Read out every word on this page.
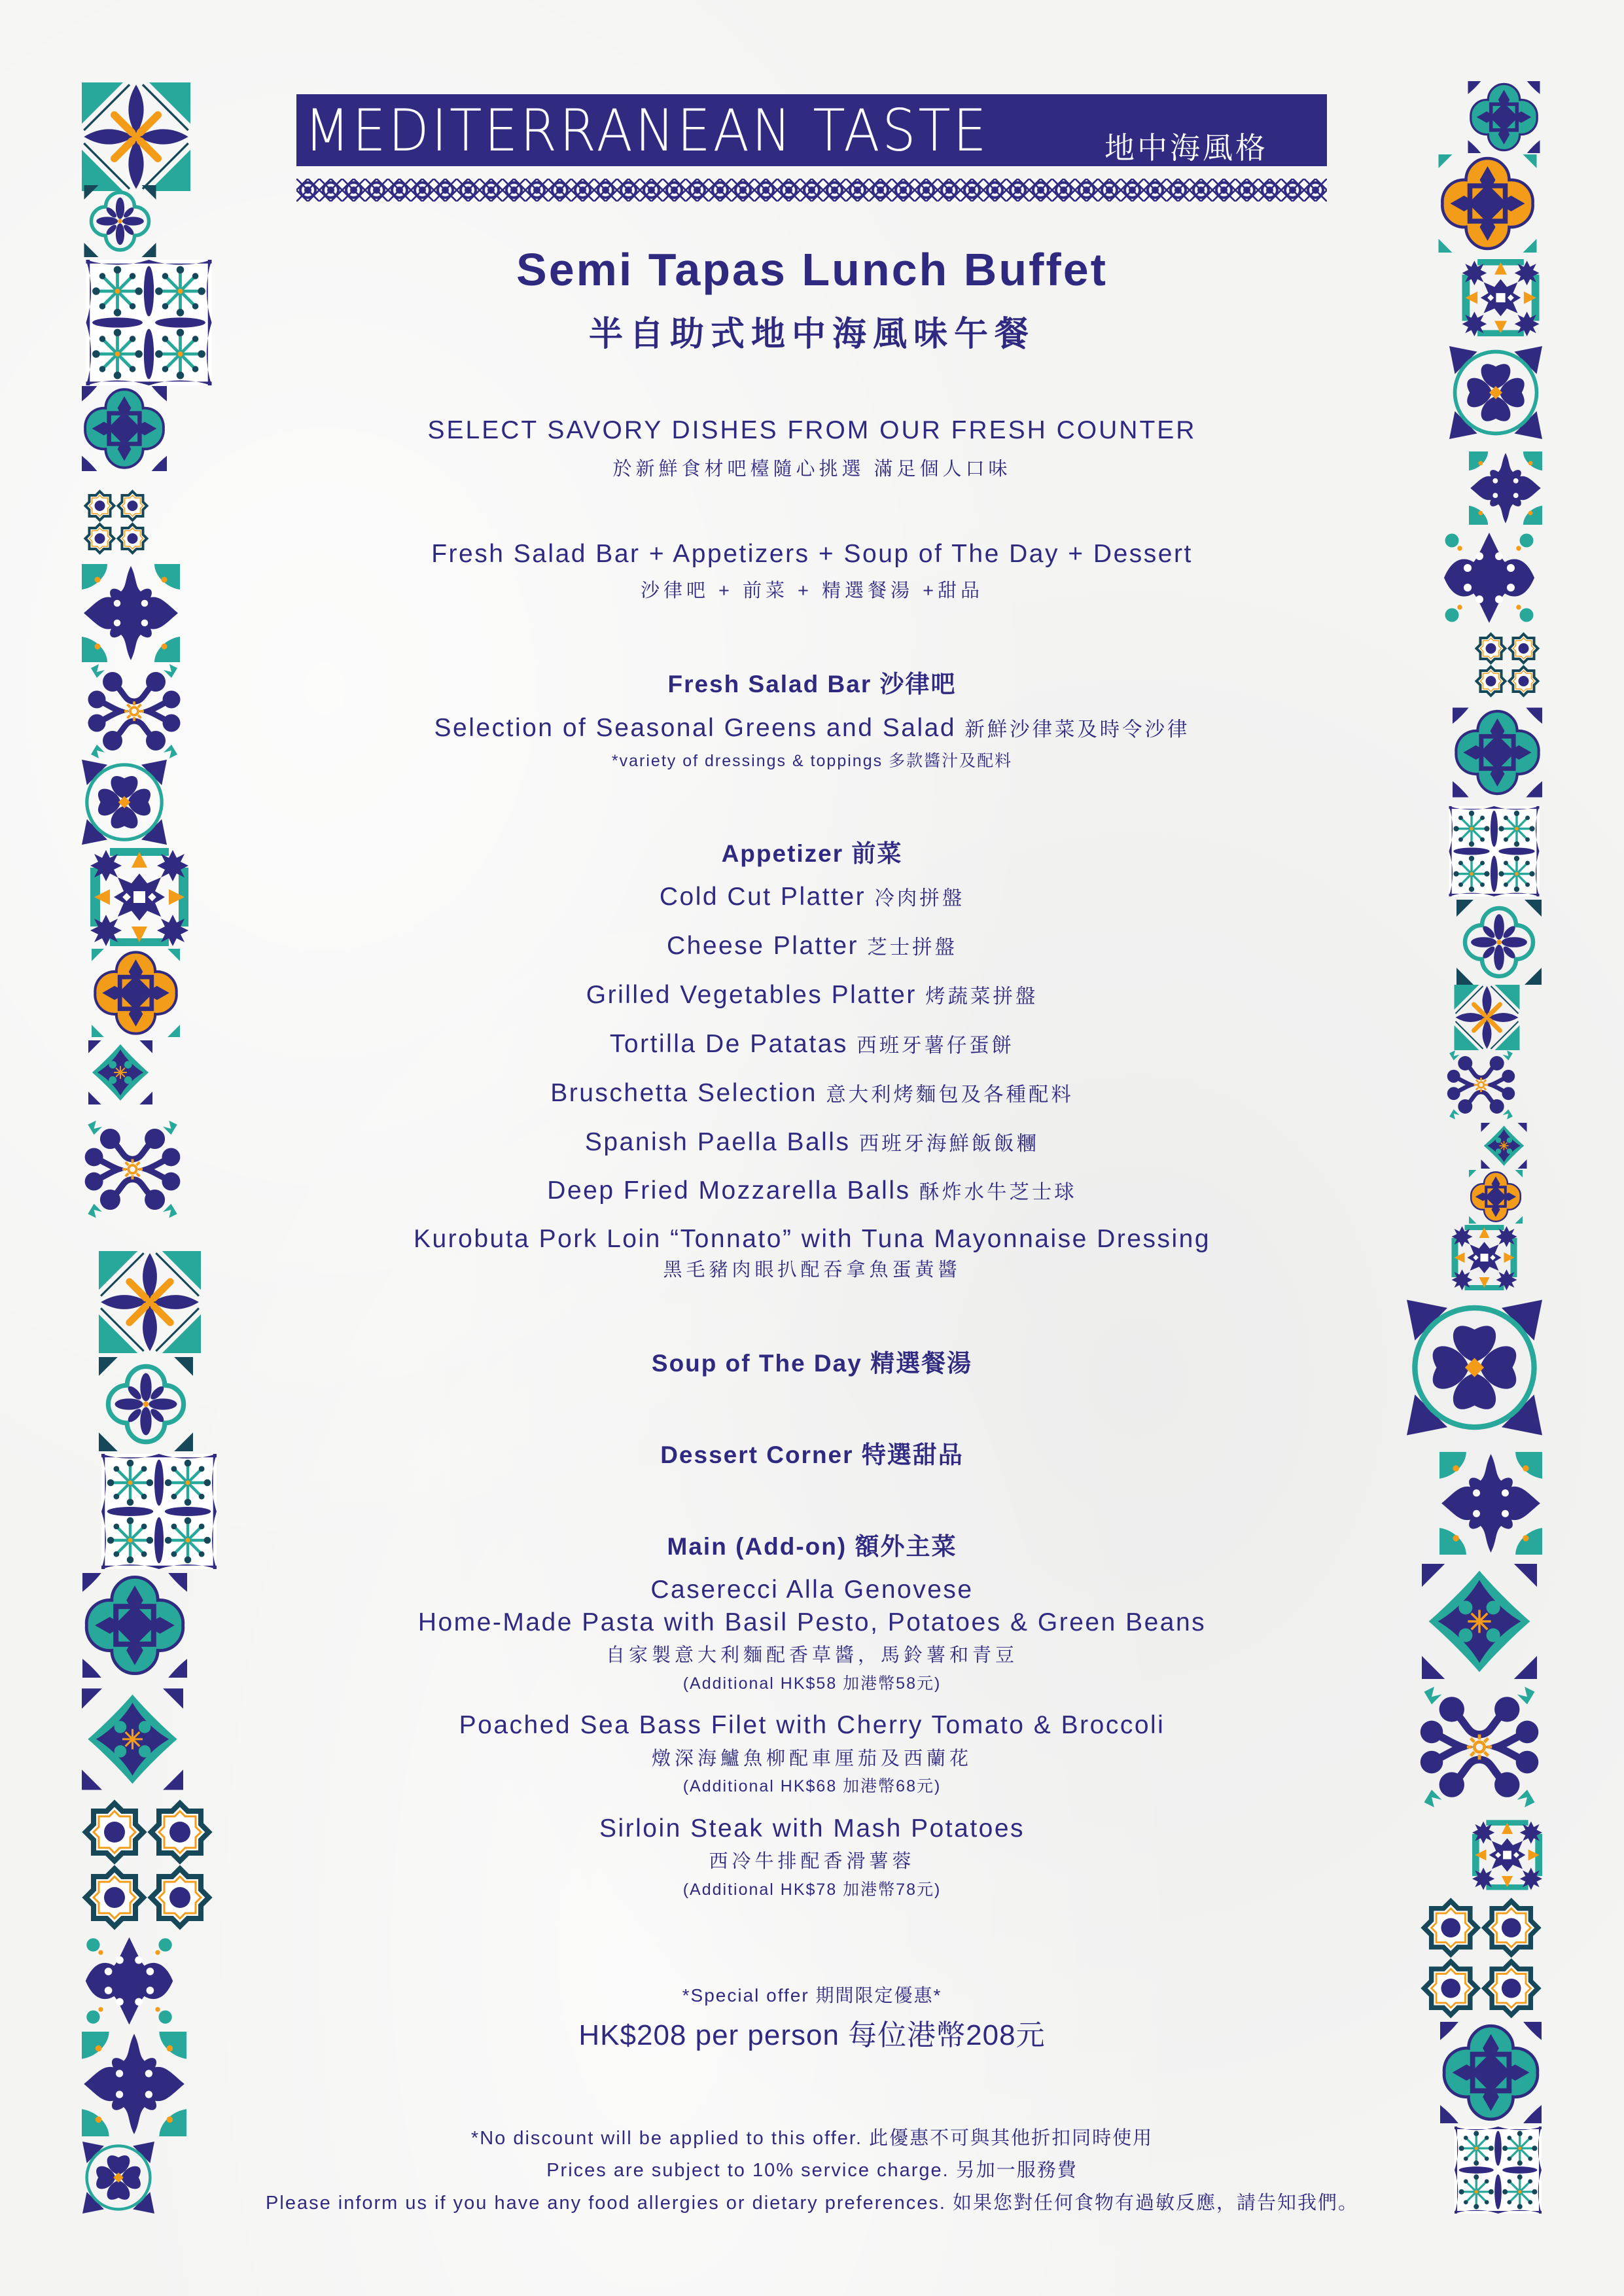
MEDITERRANEAN TASTE	地中海風格
Semi Tapas Lunch Buffet
半自助式地中海風味午餐
SELECT SAVORY DISHES FROM OUR FRESH COUNTER
於新鮮食材吧檯隨心挑選 滿足個人口味
Fresh Salad Bar + Appetizers + Soup of The Day + Dessert
沙律吧 + 前菜 + 精選餐湯 +甜品
Fresh Salad Bar 沙律吧
Selection of Seasonal Greens and Salad 新鮮沙律菜及時令沙律
*variety of dressings & toppings 多款醬汁及配料
Appetizer 前菜
Cold Cut Platter 冷肉拼盤
Cheese Platter 芝士拼盤
Grilled Vegetables Platter 烤蔬菜拼盤
Tortilla De Patatas 西班牙薯仔蛋餅
Bruschetta Selection 意大利烤麵包及各種配料
Spanish Paella Balls 西班牙海鮮飯飯糰
Deep Fried Mozzarella Balls 酥炸水牛芝士球
Kurobuta Pork Loin “Tonnato” with Tuna Mayonnaise Dressing
黑毛豬肉眼扒配吞拿魚蛋黃醬
Soup of The Day 精選餐湯
Dessert Corner 特選甜品
Main (Add-on) 額外主菜
Caserecci Alla Genovese
Home-Made Pasta with Basil Pesto, Potatoes & Green Beans
自家製意大利麵配香草醬，馬鈴薯和青豆
(Additional HK$58 加港幣58元)
Poached Sea Bass Filet with Cherry Tomato & Broccoli
燉深海鱸魚柳配車厘茄及西蘭花
(Additional HK$68 加港幣68元)
Sirloin Steak with Mash Potatoes
西冷牛排配香滑薯蓉
(Additional HK$78 加港幣78元)
*Special offer 期間限定優惠*
HK$208 per person 每位港幣208元
*No discount will be applied to this offer. 此優惠不可與其他折扣同時使用
Prices are subject to 10% service charge. 另加一服務費
Please inform us if you have any food allergies or dietary preferences. 如果您對任何食物有過敏反應，請告知我們。
